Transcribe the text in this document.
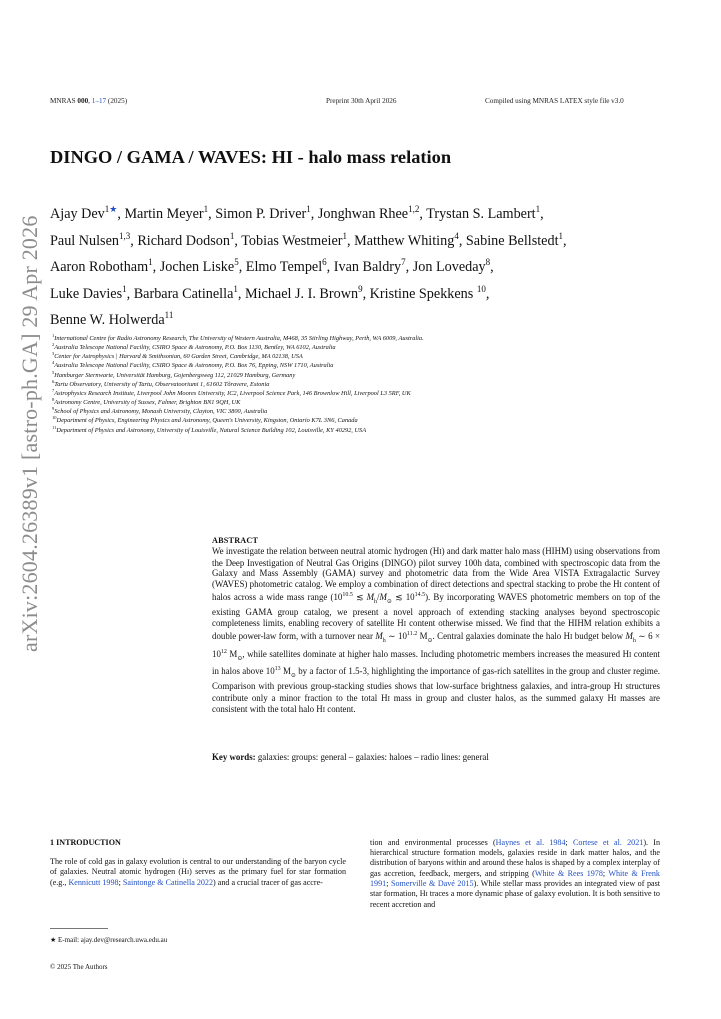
MNRAS 000, 1–17 (2025)	Preprint 30th April 2026	Compiled using MNRAS LATEX style file v3.0
arXiv:2604.26389v1 [astro-ph.GA] 29 Apr 2026
DINGO / GAMA / WAVES: HI - halo mass relation
Ajay Dev$^{1★}$, Martin Meyer$^1$, Simon P. Driver$^1$, Jonghwan Rhee$^{1,2}$, Trystan S. Lambert$^1$,
Paul Nulsen$^{1,3}$, Richard Dodson$^1$, Tobias Westmeier$^1$, Matthew Whiting$^4$, Sabine Bellstedt$^1$,
Aaron Robotham$^1$, Jochen Liske$^5$, Elmo Tempel$^6$, Ivan Baldry$^7$, Jon Loveday$^8$,
Luke Davies$^1$, Barbara Catinella$^1$, Michael J. I. Brown$^9$, Kristine Spekkens $^{10}$,
Benne W. Holwerda$^{11}$
$^1$International Centre for Radio Astronomy Research, The University of Western Australia, M468, 35 Stirling Highway, Perth, WA 6009, Australia.
$^2$Australia Telescope National Facility, CSIRO Space & Astronomy, P.O. Box 1130, Bentley, WA 6102, Australia
$^3$Center for Astrophysics | Harvard & Smithsonian, 60 Garden Street, Cambridge, MA 02138, USA
$^4$Australia Telescope National Facility, CSIRO Space & Astronomy, P.O. Box 76, Epping, NSW 1710, Australia
$^5$Hamburger Sternwarte, Universität Hamburg, Gojenbergsweg 112, 21029 Hamburg, Germany
$^6$Tartu Observatory, University of Tartu, Observatooriumi 1, 61602 Tõravere, Estonia
$^7$Astrophysics Research Institute, Liverpool John Moores University, IC2, Liverpool Science Park, 146 Brownlow Hill, Liverpool L3 5RF, UK
$^8$Astronomy Centre, University of Sussex, Falmer, Brighton BN1 9QH, UK
$^9$School of Physics and Astronomy, Monash University, Clayton, VIC 3800, Australia
$^{10}$Department of Physics, Engineering Physics and Astronomy, Queen's University, Kingston, Ontario K7L 3N6, Canada
$^{11}$Department of Physics and Astronomy, University of Louisville, Natural Science Building 102, Louisville, KY 40292, USA
ABSTRACT
We investigate the relation between neutral atomic hydrogen (HI) and dark matter halo mass (HIHM) using observations from the Deep Investigation of Neutral Gas Origins (DINGO) pilot survey 100h data, combined with spectroscopic data from the Galaxy and Mass Assembly (GAMA) survey and photometric data from the Wide Area VISTA Extragalactic Survey (WAVES) photometric catalog. We employ a combination of direct detections and spectral stacking to probe the HI content of halos across a wide mass range ($10^{10.5}$ ≲ $M_h/M_⊙$ ≲ $10^{14.5}$). By incorporating WAVES photometric members on top of the existing GAMA group catalog, we present a novel approach of extending stacking analyses beyond spectroscopic completeness limits, enabling recovery of satellite HI content otherwise missed. We find that the HIHM relation exhibits a double power-law form, with a turnover near $M_h$ ∼ $10^{11.2}$ $M_⊙$. Central galaxies dominate the halo HI budget below $M_h$ ∼ $6 \times 10^{12}$ $M_⊙$, while satellites dominate at higher halo masses. Including photometric members increases the measured HI content in halos above $10^{13}$ $M_⊙$ by a factor of 1.5-3, highlighting the importance of gas-rich satellites in the group and cluster regime. Comparison with previous group-stacking studies shows that low-surface brightness galaxies, and intra-group HI structures contribute only a minor fraction to the total HI mass in group and cluster halos, as the summed galaxy HI masses are consistent with the total halo HI content.
Key words: galaxies: groups: general – galaxies: haloes – radio lines: general
1 INTRODUCTION
The role of cold gas in galaxy evolution is central to our understanding of the baryon cycle of galaxies. Neutral atomic hydrogen (HI) serves as the primary fuel for star formation (e.g., Kennicutt 1998; Saintonge & Catinella 2022) and a crucial tracer of gas accre-
tion and environmental processes (Haynes et al. 1984; Cortese et al. 2021). In hierarchical structure formation models, galaxies reside in dark matter halos, and the distribution of baryons within and around these halos is shaped by a complex interplay of gas accretion, feedback, mergers, and stripping (White & Rees 1978; White & Frenk 1991; Somerville & Davé 2015). While stellar mass provides an integrated view of past star formation, HI traces a more dynamic phase of galaxy evolution. It is both sensitive to recent accretion and
★ E-mail: ajay.dev@research.uwa.edu.au
© 2025 The Authors
